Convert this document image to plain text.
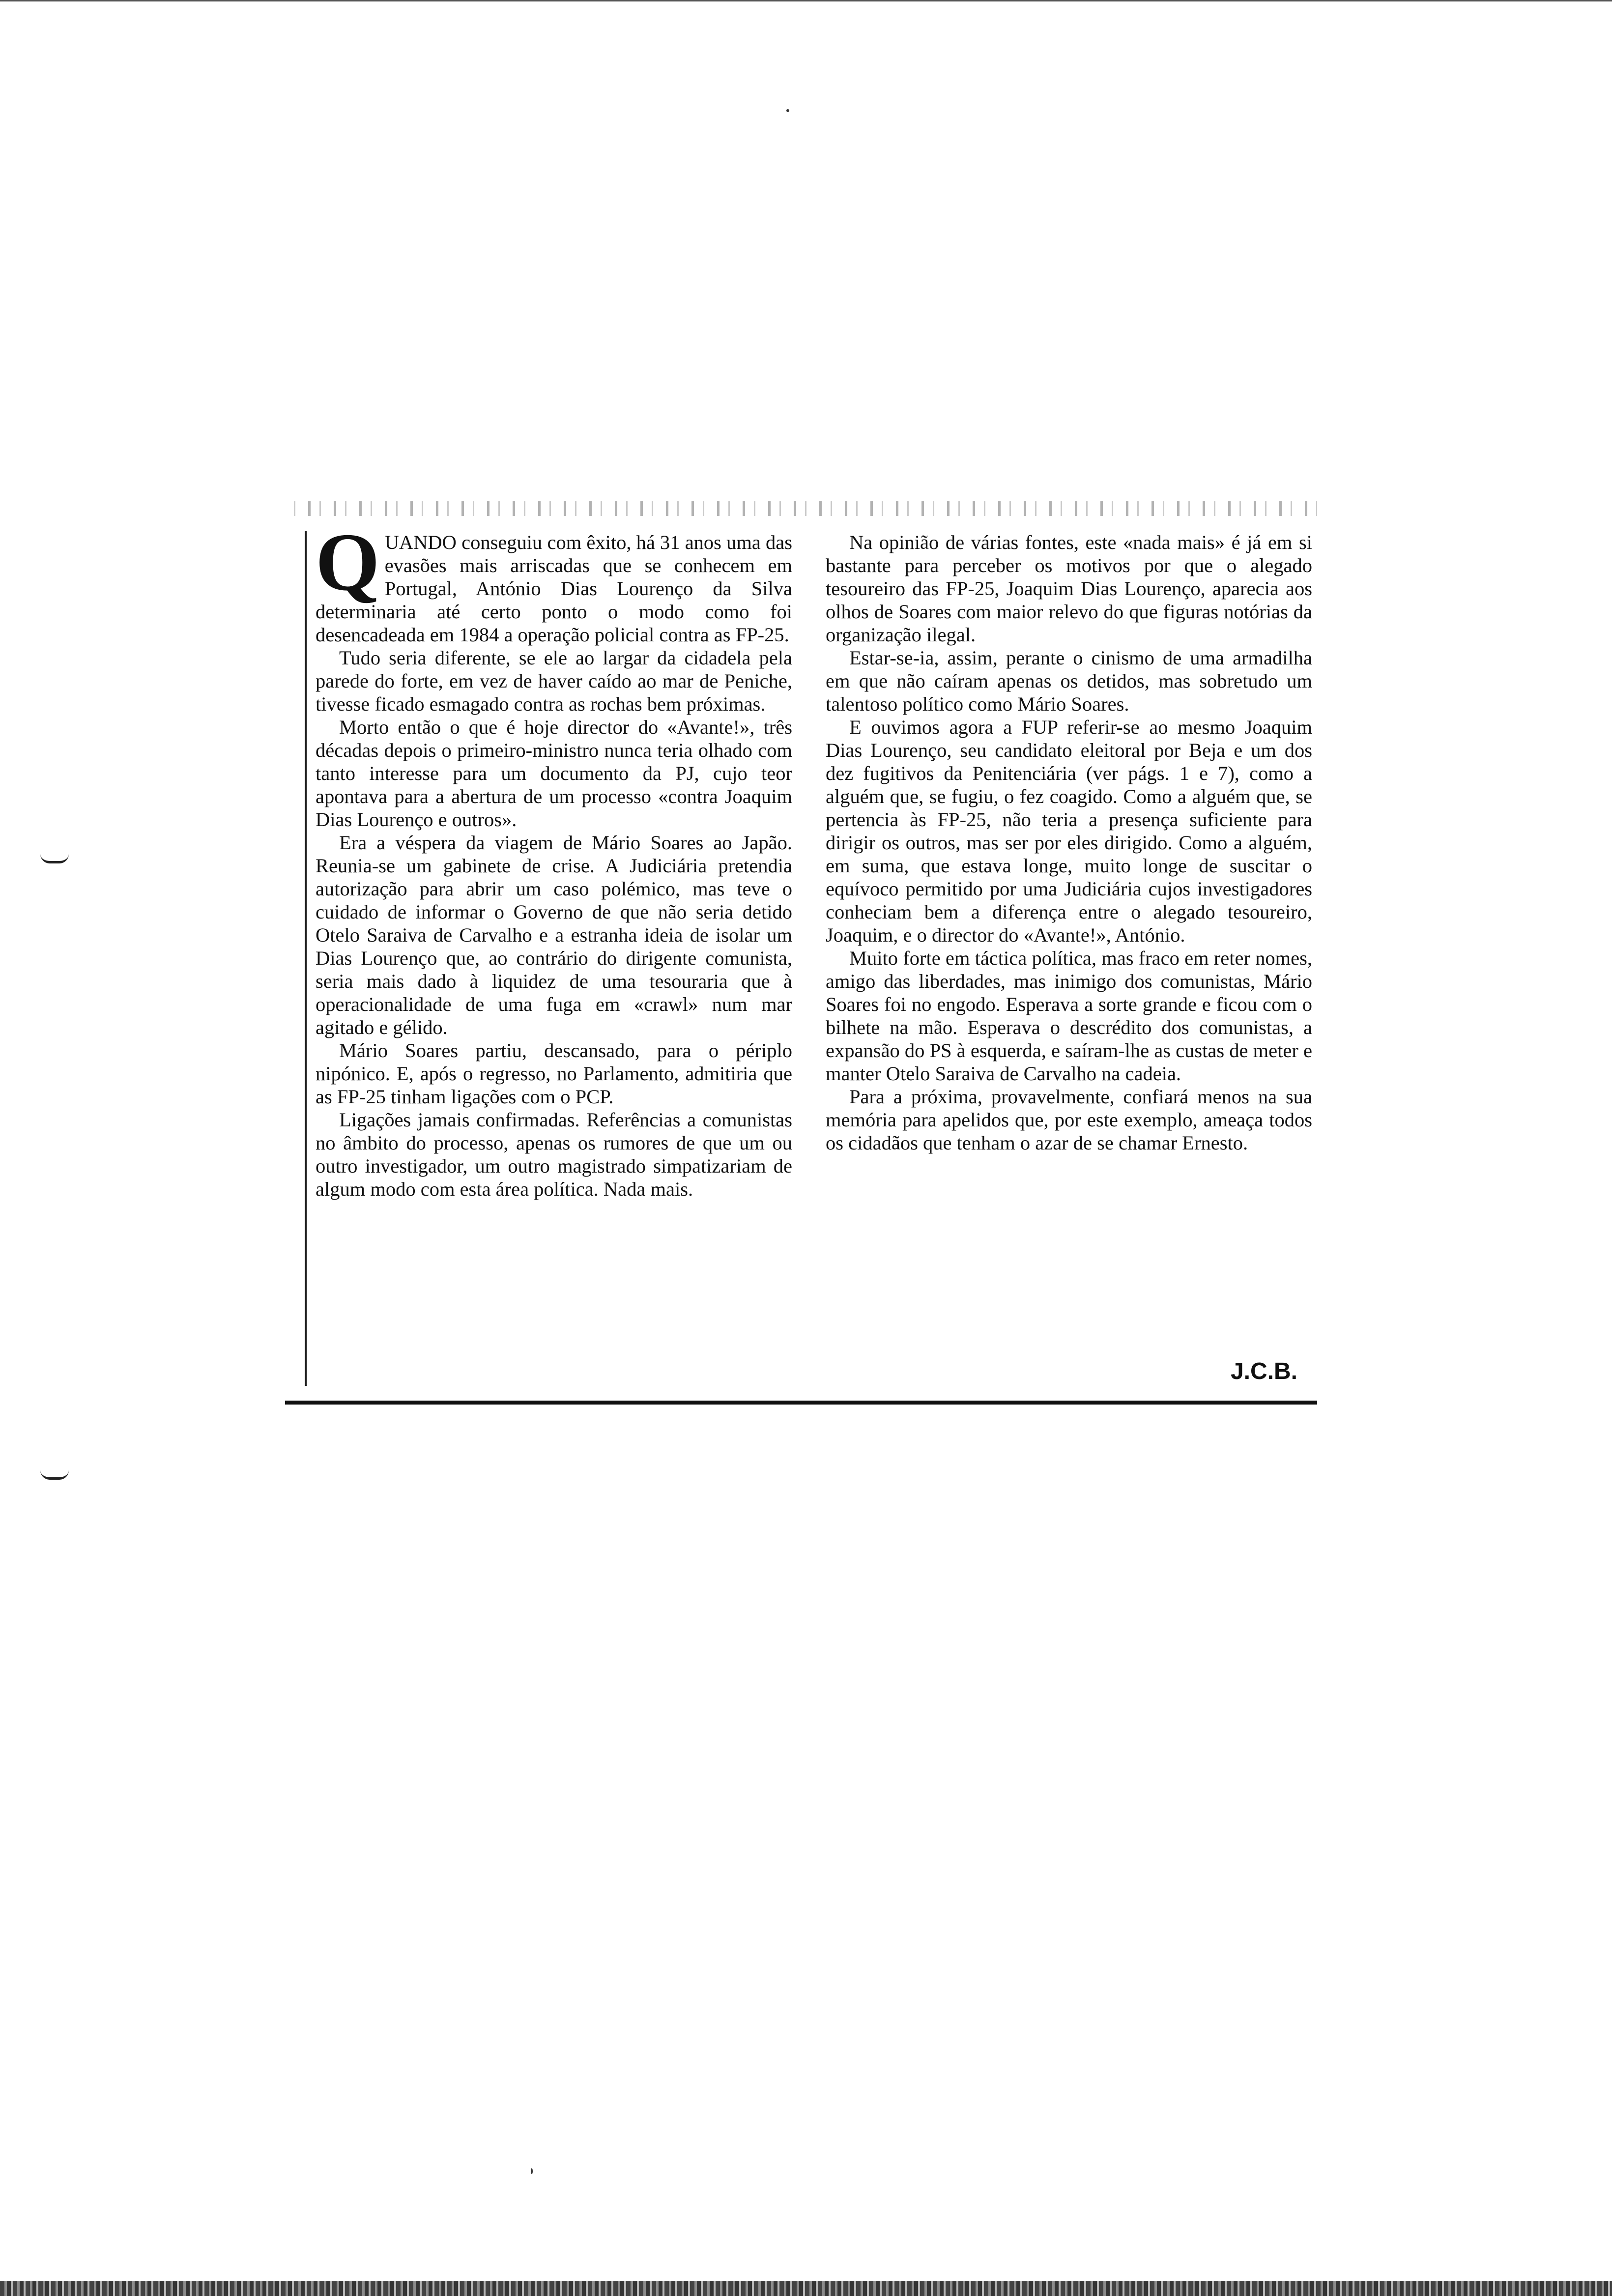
QUANDO conseguiu com êxito, há 31 anos uma das evasões mais arriscadas que se conhecem em Portugal, António Dias Lourenço da Silva determinaria até certo ponto o modo como foi desencadeada em 1984 a operação policial contra as FP-25.

Tudo seria diferente, se ele ao largar da cidadela pela parede do forte, em vez de haver caído ao mar de Peniche, tivesse ficado esmagado contra as rochas bem próximas.

Morto então o que é hoje director do «Avante!», três décadas depois o primeiro-ministro nunca teria olhado com tanto interesse para um documento da PJ, cujo teor apontava para a abertura de um processo «contra Joaquim Dias Lourenço e outros».

Era a véspera da viagem de Mário Soares ao Japão. Reunia-se um gabinete de crise. A Judiciária pretendia autorização para abrir um caso polémico, mas teve o cuidado de informar o Governo de que não seria detido Otelo Saraiva de Carvalho e a estranha ideia de isolar um Dias Lourenço que, ao contrário do dirigente comunista, seria mais dado à liquidez de uma tesouraria que à operacionalidade de uma fuga em «crawl» num mar agitado e gélido.

Mário Soares partiu, descansado, para o périplo nipónico. E, após o regresso, no Parlamento, admitiria que as FP-25 tinham ligações com o PCP.

Ligações jamais confirmadas. Referências a comunistas no âmbito do processo, apenas os rumores de que um ou outro investigador, um outro magistrado simpatizariam de algum modo com esta área política. Nada mais.

Na opinião de várias fontes, este «nada mais» é já em si bastante para perceber os motivos por que o alegado tesoureiro das FP-25, Joaquim Dias Lourenço, aparecia aos olhos de Soares com maior relevo do que figuras notórias da organização ilegal.

Estar-se-ia, assim, perante o cinismo de uma armadilha em que não caíram apenas os detidos, mas sobretudo um talentoso político como Mário Soares.

E ouvimos agora a FUP referir-se ao mesmo Joaquim Dias Lourenço, seu candidato eleitoral por Beja e um dos dez fugitivos da Penitenciária (ver págs. 1 e 7), como a alguém que, se fugiu, o fez coagido. Como a alguém que, se pertencia às FP-25, não teria a presença suficiente para dirigir os outros, mas ser por eles dirigido. Como a alguém, em suma, que estava longe, muito longe de suscitar o equívoco permitido por uma Judiciária cujos investigadores conheciam bem a diferença entre o alegado tesoureiro, Joaquim, e o director do «Avante!», António.

Muito forte em táctica política, mas fraco em reter nomes, amigo das liberdades, mas inimigo dos comunistas, Mário Soares foi no engodo. Esperava a sorte grande e ficou com o bilhete na mão. Esperava o descrédito dos comunistas, a expansão do PS à esquerda, e saíram-lhe as custas de meter e manter Otelo Saraiva de Carvalho na cadeia.

Para a próxima, provavelmente, confiará menos na sua memória para apelidos que, por este exemplo, ameaça todos os cidadãos que tenham o azar de se chamar Ernesto.

J.C.B.
